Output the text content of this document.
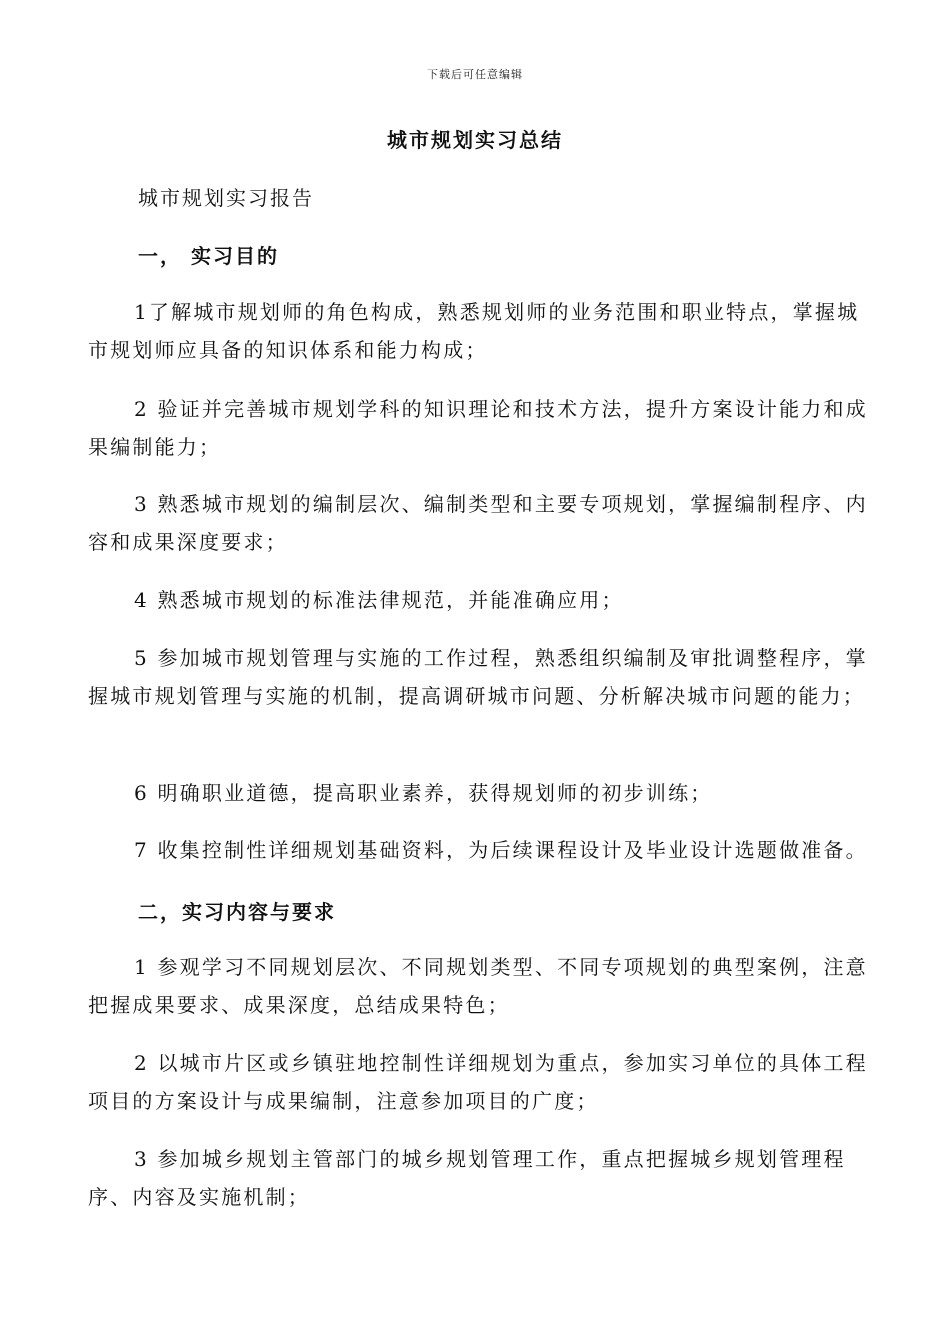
下载后可任意编辑
城市规划实习总结
城市规划实习报告
一， 实习目的
1了解城市规划师的角色构成，熟悉规划师的业务范围和职业特点，掌握城市规划师应具备的知识体系和能力构成；
2 验证并完善城市规划学科的知识理论和技术方法，提升方案设计能力和成果编制能力；
3 熟悉城市规划的编制层次、编制类型和主要专项规划，掌握编制程序、内容和成果深度要求；
4 熟悉城市规划的标准法律规范，并能准确应用；
5 参加城市规划管理与实施的工作过程，熟悉组织编制及审批调整程序，掌握城市规划管理与实施的机制，提高调研城市问题、分析解决城市问题的能力；
6 明确职业道德，提高职业素养，获得规划师的初步训练；
7 收集控制性详细规划基础资料，为后续课程设计及毕业设计选题做准备。
二，实习内容与要求
1 参观学习不同规划层次、不同规划类型、不同专项规划的典型案例，注意把握成果要求、成果深度，总结成果特色；
2 以城市片区或乡镇驻地控制性详细规划为重点，参加实习单位的具体工程项目的方案设计与成果编制，注意参加项目的广度；
3 参加城乡规划主管部门的城乡规划管理工作，重点把握城乡规划管理程序、内容及实施机制；
